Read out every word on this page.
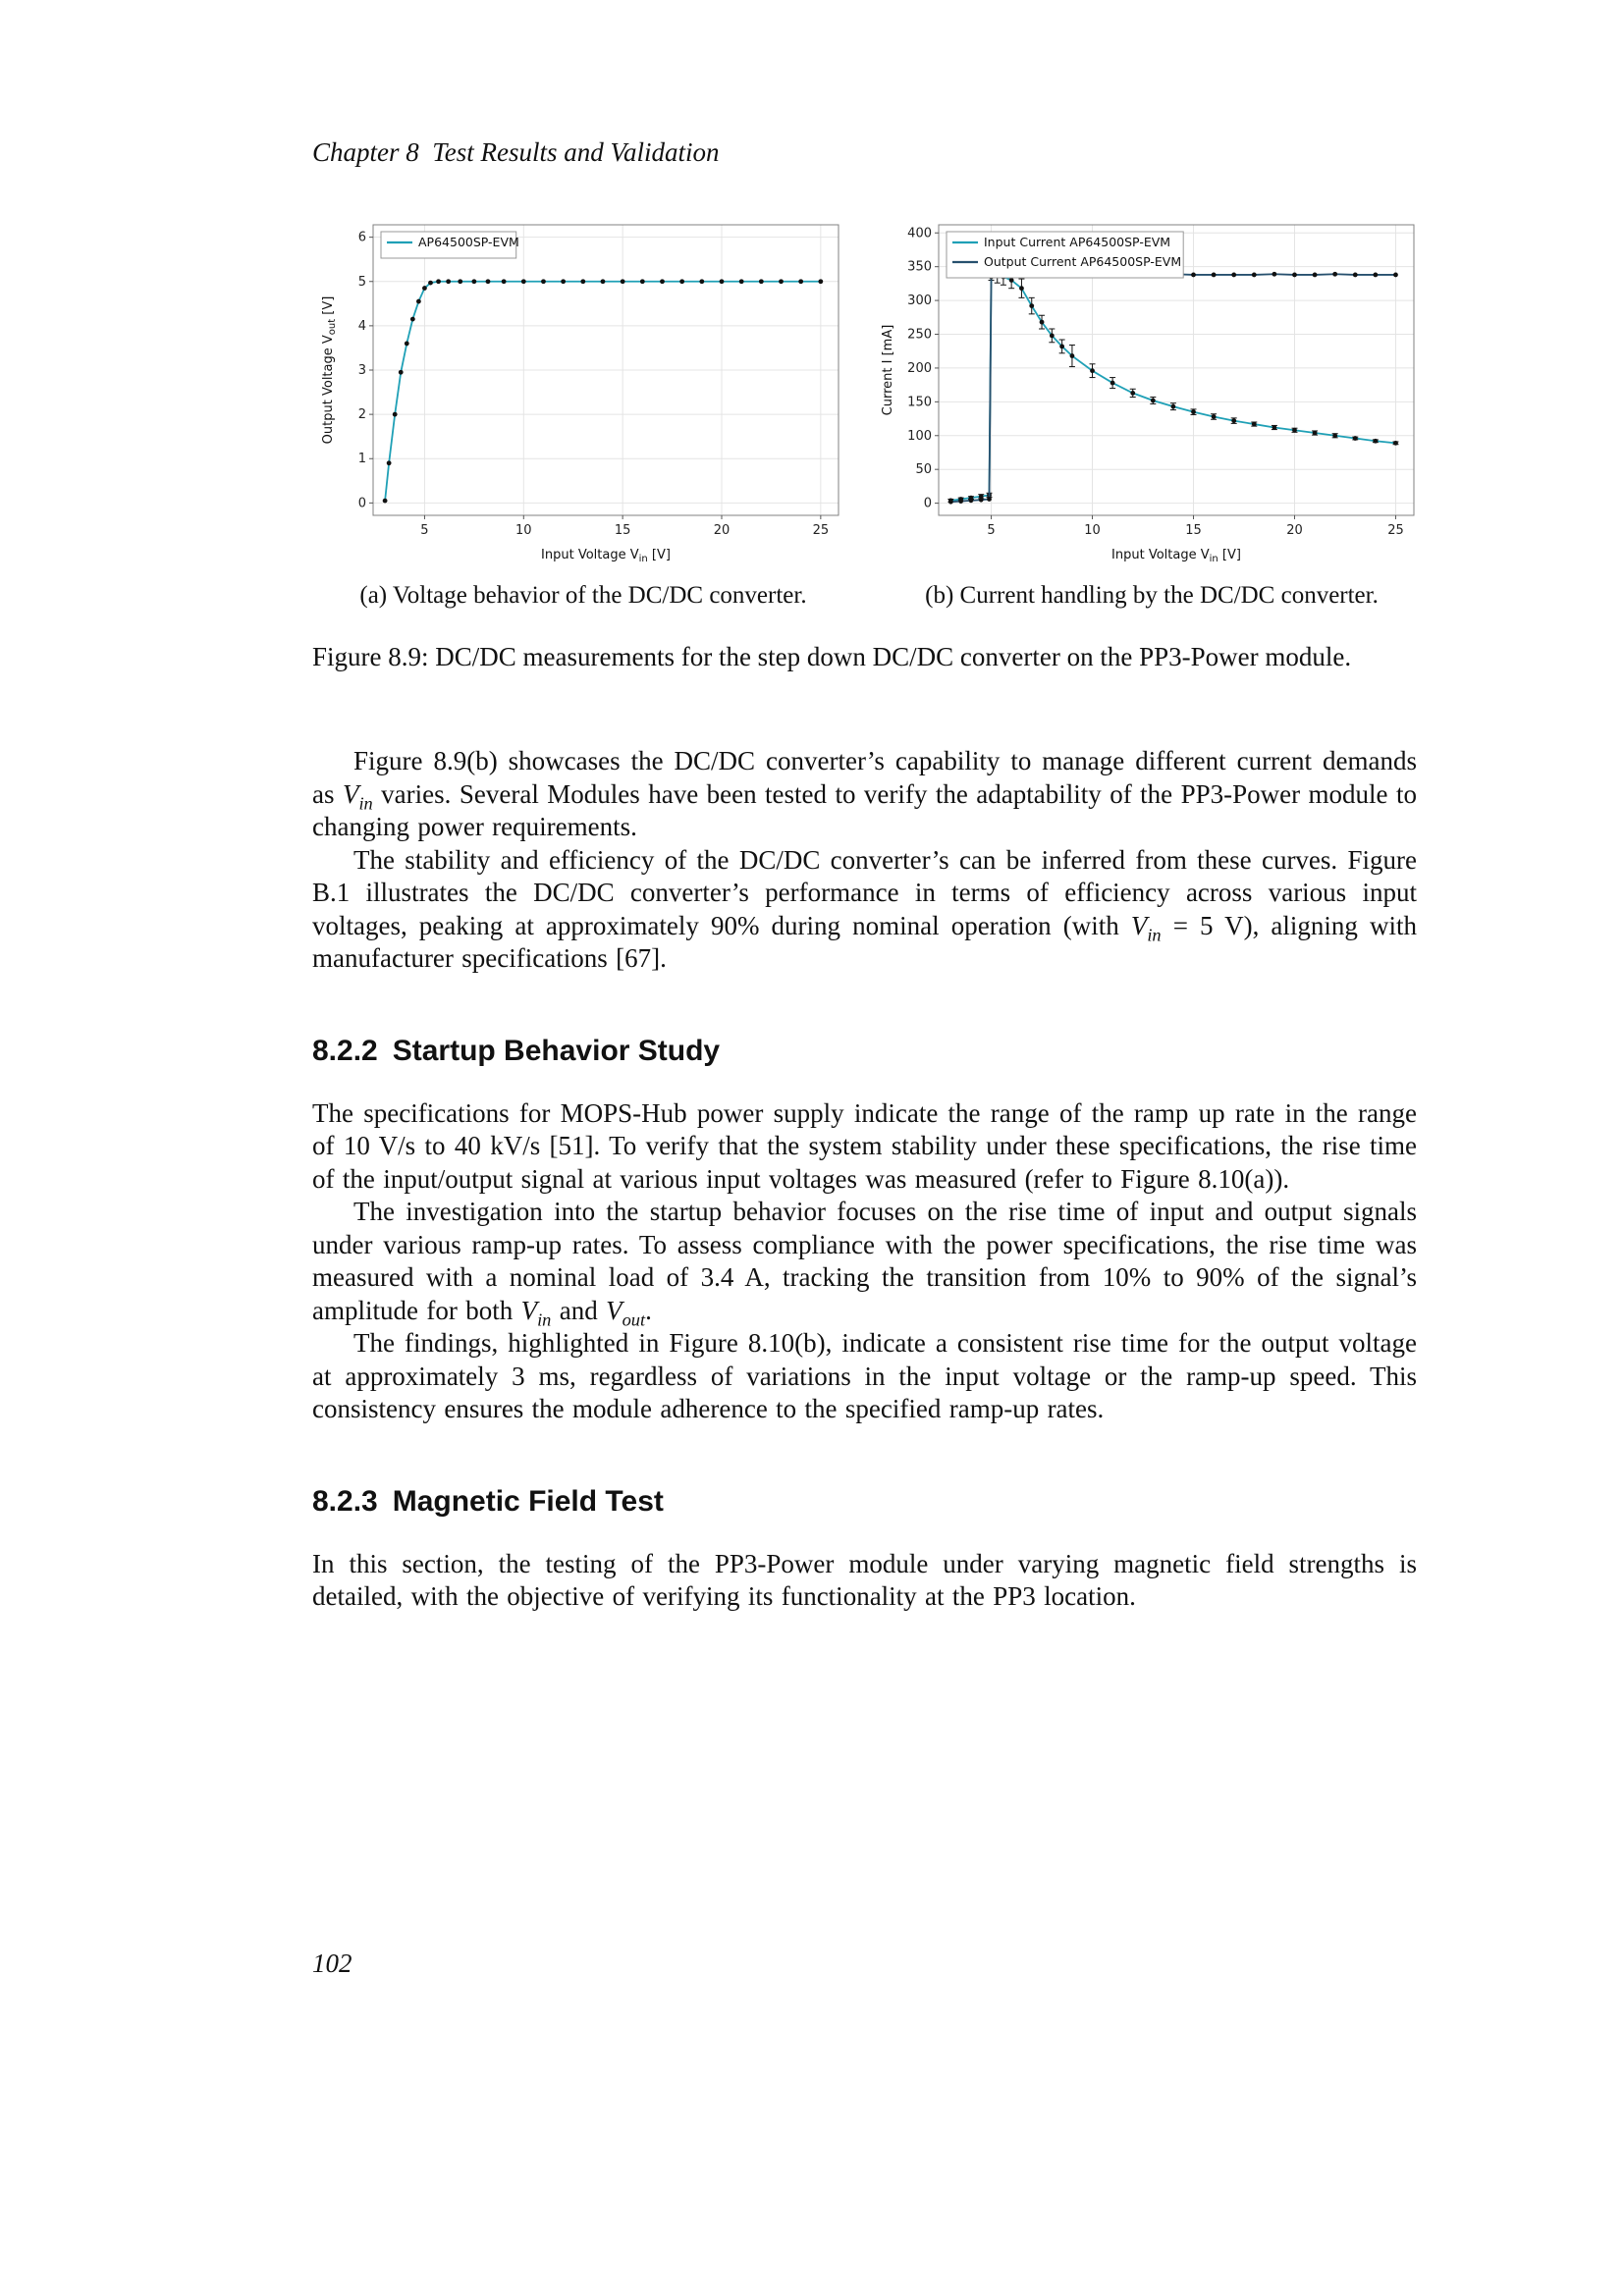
Chapter 8 Test Results and Validation
5	10	15	20	25
0
1
2
3
4
5
6
Input Voltage $V_{in}$ [V]
Output Voltage $V_{out}$ [V]
AP64500SP-EVM
(a) Voltage behavior of the DC/DC converter.
5	10	15	20	25
0
50
100
150
200
250
300
350
400
Input Voltage $V_{in}$ [V]
Current I [mA]
Input Current AP64500SP-EVM
Output Current AP64500SP-EVM
(b) Current handling by the DC/DC converter.
Figure 8.9: DC/DC measurements for the step down DC/DC converter on the PP3-Power module.

Figure 8.9(b) showcases the DC/DC converter’s capability to manage different current demands as $V_{in}$ varies. Several Modules have been tested to verify the adaptability of the PP3-Power module to changing power requirements.

The stability and efficiency of the DC/DC converter’s can be inferred from these curves. Figure B.1 illustrates the DC/DC converter’s performance in terms of efficiency across various input voltages, peaking at approximately 90% during nominal operation (with $V_{in} = 5$ V), aligning with manufacturer specifications [67].

8.2.2 Startup Behavior Study

The specifications for MOPS-Hub power supply indicate the range of the ramp up rate in the range of 10 V/s to 40 kV/s [51]. To verify that the system stability under these specifications, the rise time of the input/output signal at various input voltages was measured (refer to Figure 8.10(a)).

The investigation into the startup behavior focuses on the rise time of input and output signals under various ramp-up rates. To assess compliance with the power specifications, the rise time was measured with a nominal load of 3.4 A, tracking the transition from 10% to 90% of the signal’s amplitude for both $V_{in}$ and $V_{out}$.

The findings, highlighted in Figure 8.10(b), indicate a consistent rise time for the output voltage at approximately 3 ms, regardless of variations in the input voltage or the ramp-up speed. This consistency ensures the module adherence to the specified ramp-up rates.

8.2.3 Magnetic Field Test

In this section, the testing of the PP3-Power module under varying magnetic field strengths is detailed, with the objective of verifying its functionality at the PP3 location.

102
